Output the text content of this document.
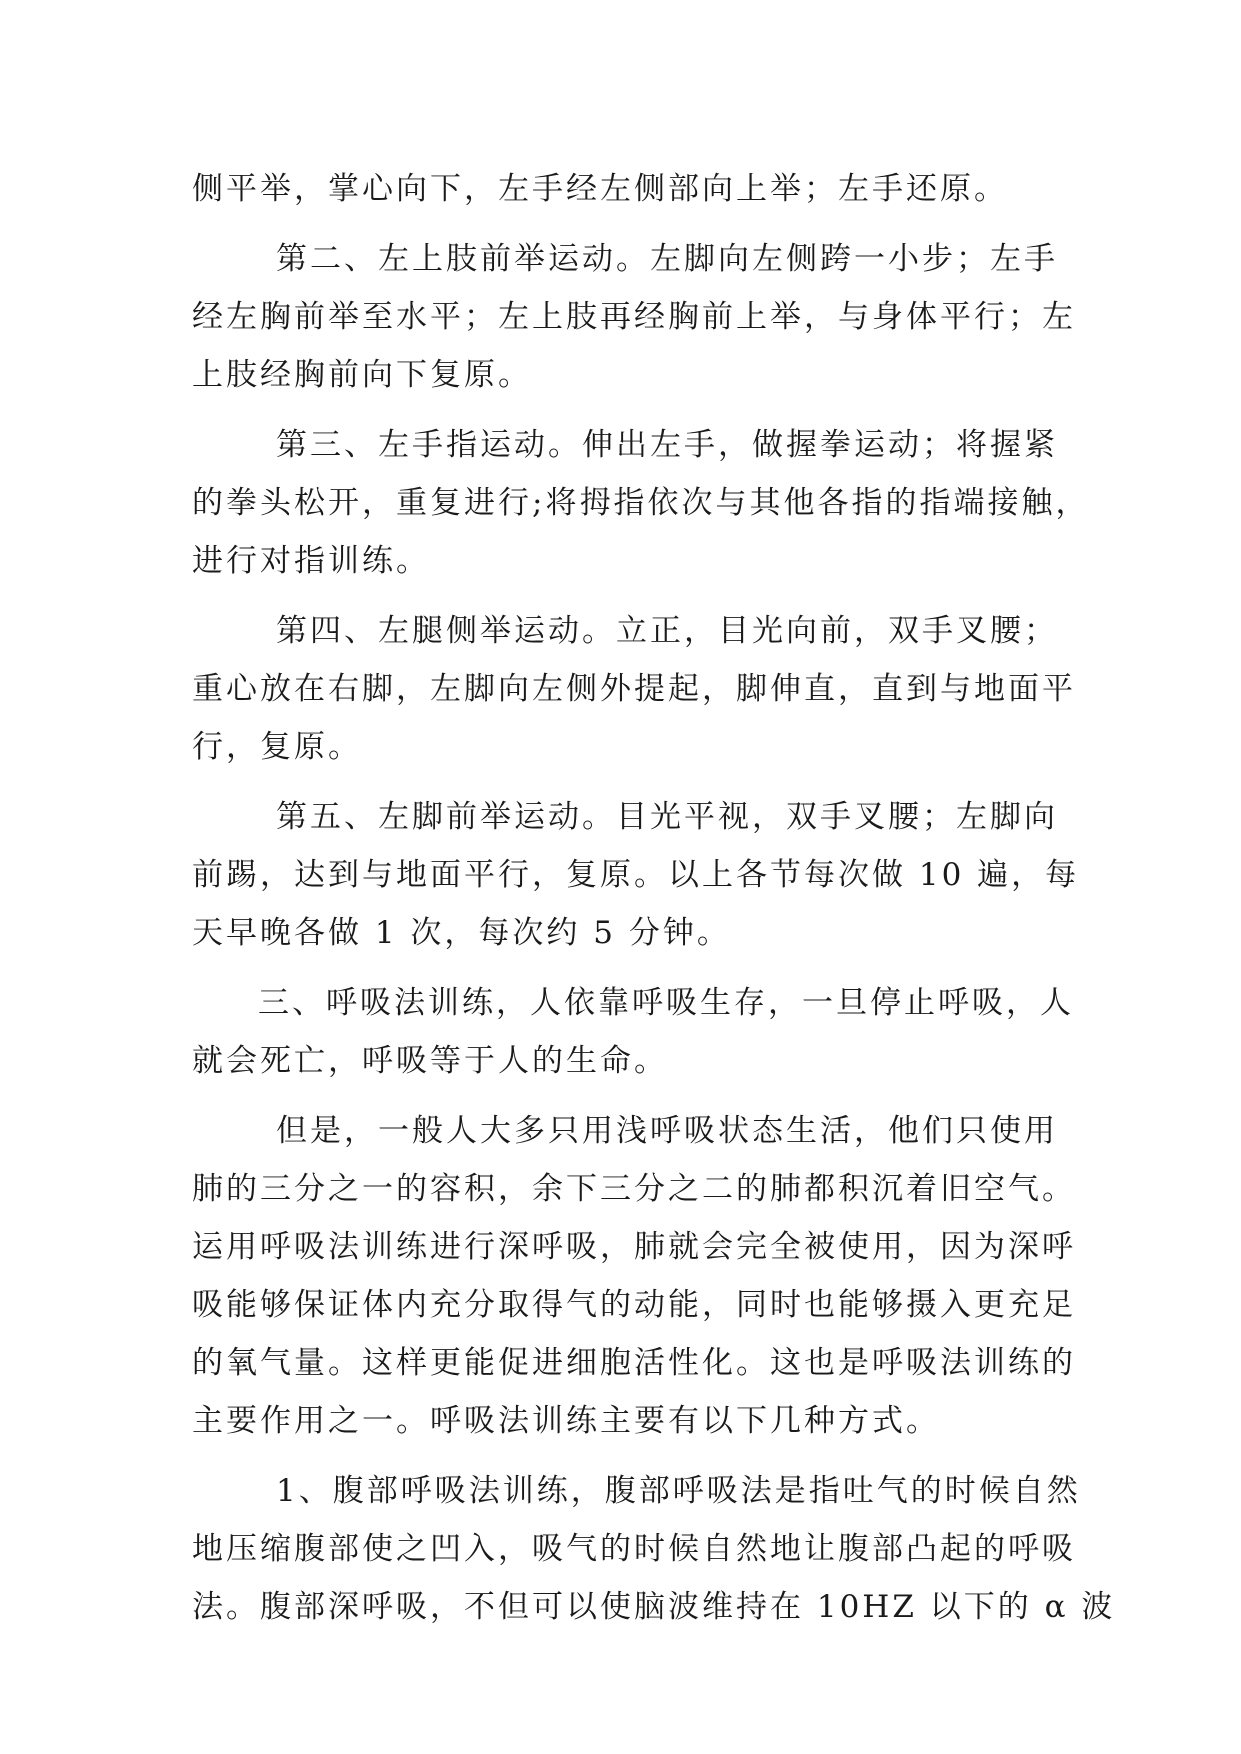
侧平举，掌心向下，左手经左侧部向上举；左手还原。
第二、左上肢前举运动。左脚向左侧跨一小步；左手
经左胸前举至水平；左上肢再经胸前上举，与身体平行；左
上肢经胸前向下复原。
第三、左手指运动。伸出左手，做握拳运动；将握紧
的拳头松开，重复进行;将拇指依次与其他各指的指端接触，
进行对指训练。
第四、左腿侧举运动。立正，目光向前，双手叉腰；
重心放在右脚，左脚向左侧外提起，脚伸直，直到与地面平
行，复原。
第五、左脚前举运动。目光平视，双手叉腰；左脚向
前踢，达到与地面平行，复原。以上各节每次做 10 遍，每
天早晚各做 1 次，每次约 5 分钟。
三、呼吸法训练，人依靠呼吸生存，一旦停止呼吸，人
就会死亡，呼吸等于人的生命。
但是，一般人大多只用浅呼吸状态生活，他们只使用
肺的三分之一的容积，余下三分之二的肺都积沉着旧空气。
运用呼吸法训练进行深呼吸，肺就会完全被使用，因为深呼
吸能够保证体内充分取得气的动能，同时也能够摄入更充足
的氧气量。这样更能促进细胞活性化。这也是呼吸法训练的
主要作用之一。呼吸法训练主要有以下几种方式。
1、腹部呼吸法训练，腹部呼吸法是指吐气的时候自然
地压缩腹部使之凹入，吸气的时候自然地让腹部凸起的呼吸
法。腹部深呼吸，不但可以使脑波维持在 10HZ 以下的 α 波
